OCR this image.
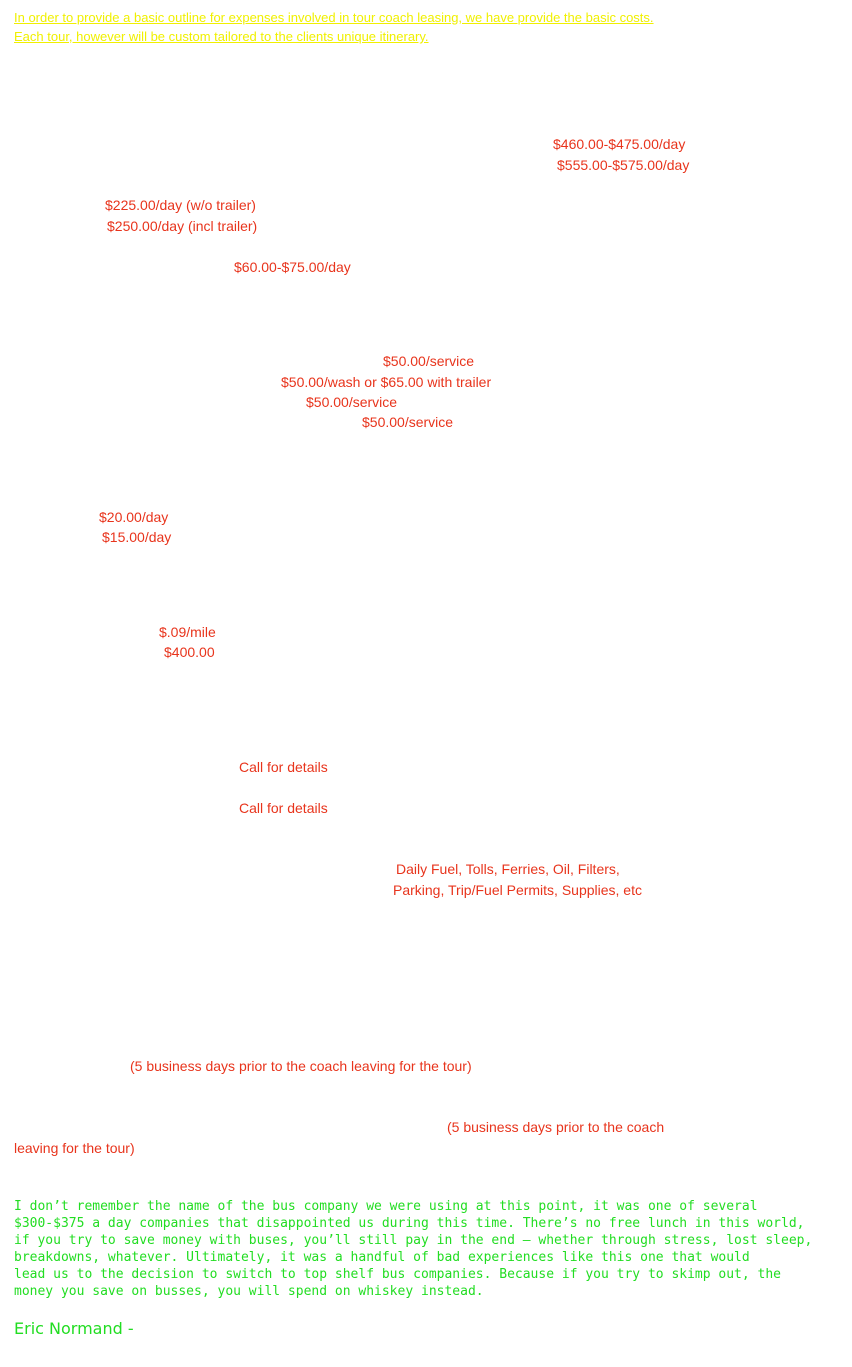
In order to provide a basic outline for expenses involved in tour coach leasing, we have provide the basic costs.
Each tour, however will be custom tailored to the clients unique itinerary.
$460.00-$475.00/day
$555.00-$575.00/day
$225.00/day (w/o trailer)
$250.00/day (incl trailer)
$60.00-$75.00/day
$50.00/service
$50.00/wash or $65.00 with trailer
$50.00/service
$50.00/service
$20.00/day
$15.00/day
$.09/mile
$400.00
Call for details
Call for details
Daily Fuel, Tolls, Ferries, Oil, Filters,
Parking, Trip/Fuel Permits, Supplies, etc
(5 business days prior to the coach leaving for the tour)
(5 business days prior to the coach
leaving for the tour)
I don’t remember the name of the bus company we were using at this point, it was one of several
$300-$375 a day companies that disappointed us during this time. There’s no free lunch in this world,
if you try to save money with buses, you’ll still pay in the end – whether through stress, lost sleep,
breakdowns, whatever. Ultimately, it was a handful of bad experiences like this one that would
lead us to the decision to switch to top shelf bus companies. Because if you try to skimp out, the
money you save on busses, you will spend on whiskey instead.
Eric Normand -
